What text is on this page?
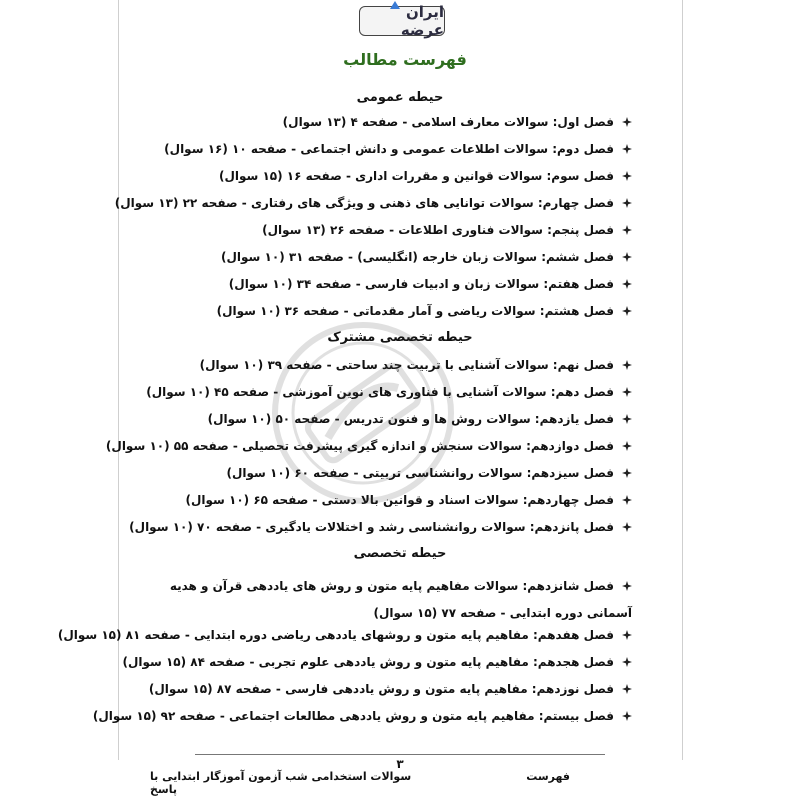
ایران عرضه
فهرست مطالب
حیطه عمومی
فصل اول: سوالات معارف اسلامی - صفحه ۴ (۱۳ سوال)
فصل دوم: سوالات اطلاعات عمومی و دانش اجتماعی - صفحه ۱۰ (۱۶ سوال)
فصل سوم: سوالات قوانین و مقررات اداری - صفحه ۱۶ (۱۵ سوال)
فصل چهارم: سوالات توانایی های ذهنی و ویژگی های رفتاری - صفحه ۲۲ (۱۳ سوال)
فصل پنجم: سوالات فناوری اطلاعات - صفحه ۲۶ (۱۳ سوال)
فصل ششم: سوالات زبان خارجه (انگلیسی) - صفحه ۳۱ (۱۰ سوال)
فصل هفتم: سوالات زبان و ادبیات فارسی - صفحه ۳۴ (۱۰ سوال)
فصل هشتم: سوالات ریاضی و آمار مقدماتی - صفحه ۳۶ (۱۰ سوال)
حیطه تخصصی مشترک
فصل نهم: سوالات آشنایی با تربیت چند ساحتی - صفحه ۳۹ (۱۰ سوال)
فصل دهم: سوالات آشنایی با فناوری های نوین آموزشی - صفحه ۴۵ (۱۰ سوال)
فصل یازدهم: سوالات روش ها و فنون تدریس - صفحه ۵۰ (۱۰ سوال)
فصل دوازدهم: سوالات سنجش و اندازه گیری پیشرفت تحصیلی - صفحه ۵۵ (۱۰ سوال)
فصل سیزدهم: سوالات روانشناسی تربیتی - صفحه ۶۰ (۱۰ سوال)
فصل چهاردهم: سوالات اسناد و قوانین بالا دستی - صفحه ۶۵ (۱۰ سوال)
فصل پانزدهم: سوالات روانشناسی رشد و اختلالات یادگیری - صفحه ۷۰ (۱۰ سوال)
حیطه تخصصی
فصل شانزدهم: سوالات مفاهیم پایه متون و روش های یاددهی قرآن و هدیه آسمانی دوره ابتدایی - صفحه ۷۷ (۱۵ سوال)
فصل هفدهم: مفاهیم پایه متون و روشهای یاددهی ریاضی دوره ابتدایی - صفحه ۸۱ (۱۵ سوال)
فصل هجدهم: مفاهیم پایه متون و روش یاددهی علوم تجربی - صفحه ۸۴ (۱۵ سوال)
فصل نوزدهم: مفاهیم پایه متون و روش یاددهی فارسی - صفحه ۸۷ (۱۵ سوال)
فصل بیستم: مفاهیم پایه متون و روش یاددهی مطالعات اجتماعی - صفحه ۹۲ (۱۵ سوال)
۳
سوالات استخدامی شب آزمون آموزگار ابتدایی با پاسخ
فهرست
